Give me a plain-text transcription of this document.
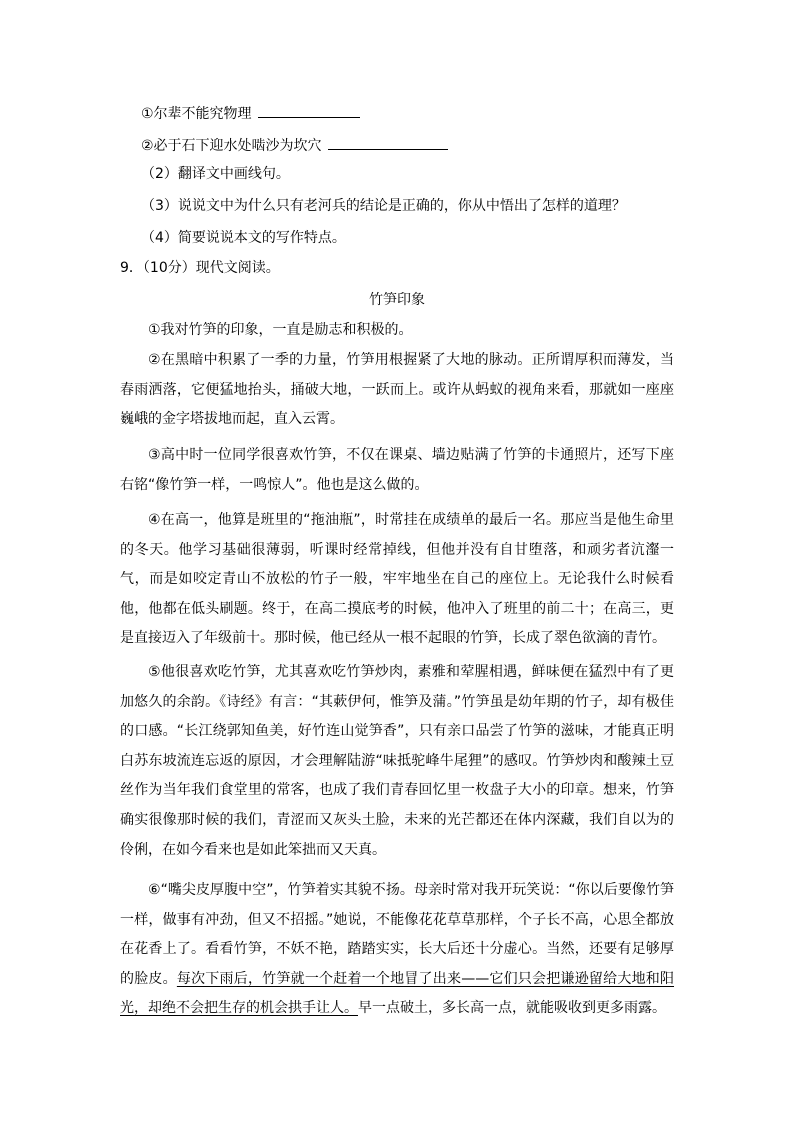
①尔辈不能究物理
②必于石下迎水处啮沙为坎穴
（2）翻译文中画线句。
（3）说说文中为什么只有老河兵的结论是正确的，你从中悟出了怎样的道理？
（4）简要说说本文的写作特点。
9．（10分）现代文阅读。
竹笋印象
①我对竹笋的印象，一直是励志和积极的。
②在黑暗中积累了一季的力量，竹笋用根握紧了大地的脉动。正所谓厚积而薄发，当春雨洒落，它便猛地抬头，捅破大地，一跃而上。或许从蚂蚁的视角来看，那就如一座座巍峨的金字塔拔地而起，直入云霄。
③高中时一位同学很喜欢竹笋，不仅在课桌、墙边贴满了竹笋的卡通照片，还写下座右铭“像竹笋一样，一鸣惊人”。他也是这么做的。
④在高一，他算是班里的“拖油瓶”，时常挂在成绩单的最后一名。那应当是他生命里的冬天。他学习基础很薄弱，听课时经常掉线，但他并没有自甘堕落，和顽劣者沆瀣一气，而是如咬定青山不放松的竹子一般，牢牢地坐在自己的座位上。无论我什么时候看他，他都在低头刷题。终于，在高二摸底考的时候，他冲入了班里的前二十；在高三，更是直接迈入了年级前十。那时候，他已经从一根不起眼的竹笋，长成了翠色欲滴的青竹。
⑤他很喜欢吃竹笋，尤其喜欢吃竹笋炒肉，素雅和荤腥相遇，鲜味便在猛烈中有了更加悠久的余韵。《诗经》有言：“其蔌伊何，惟笋及蒲。”竹笋虽是幼年期的竹子，却有极佳的口感。“长江绕郭知鱼美，好竹连山觉笋香”，只有亲口品尝了竹笋的滋味，才能真正明白苏东坡流连忘返的原因，才会理解陆游“味抵驼峰牛尾狸”的感叹。竹笋炒肉和酸辣土豆丝作为当年我们食堂里的常客，也成了我们青春回忆里一枚盘子大小的印章。想来，竹笋确实很像那时候的我们，青涩而又灰头土脸，未来的光芒都还在体内深藏，我们自以为的伶俐，在如今看来也是如此笨拙而又天真。
⑥“嘴尖皮厚腹中空”，竹笋着实其貌不扬。母亲时常对我开玩笑说：“你以后要像竹笋一样，做事有冲劲，但又不招摇。”她说，不能像花花草草那样，个子长不高，心思全都放在花香上了。看看竹笋，不妖不艳，踏踏实实，长大后还十分虚心。当然，还要有足够厚的脸皮。每次下雨后，竹笋就一个赶着一个地冒了出来——它们只会把谦逊留给大地和阳光，却绝不会把生存的机会拱手让人。早一点破土，多长高一点，就能吸收到更多雨露。
